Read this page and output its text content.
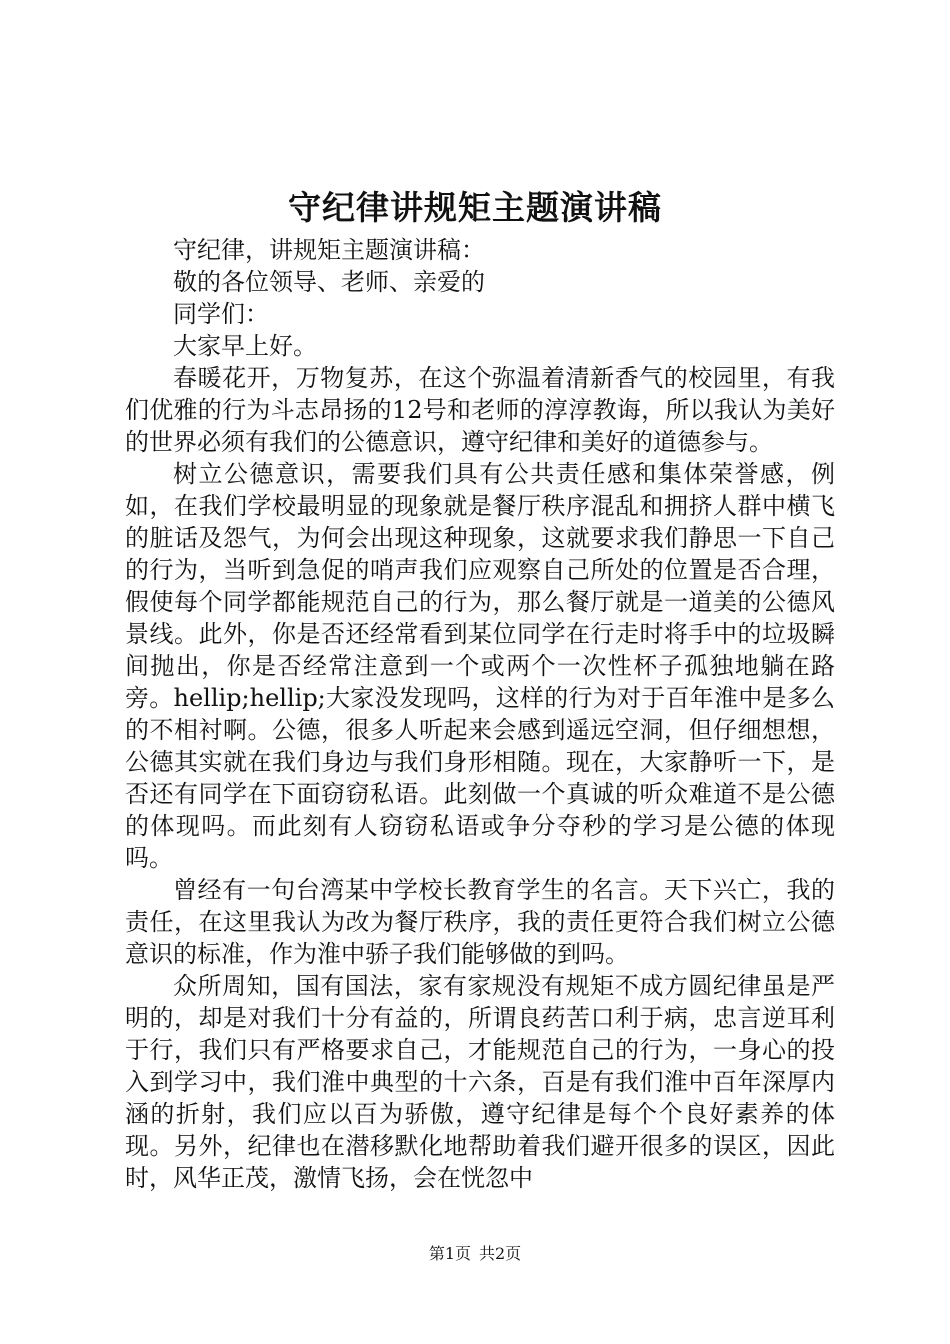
守纪律讲规矩主题演讲稿

守纪律，讲规矩主题演讲稿：

敬的各位领导、老师、亲爱的

同学们：

大家早上好。

春暖花开，万物复苏，在这个弥温着清新香气的校园里，有我们优雅的行为斗志昂扬的12号和老师的淳淳教诲，所以我认为美好的世界必须有我们的公德意识，遵守纪律和美好的道德参与。

树立公德意识，需要我们具有公共责任感和集体荣誉感，例如，在我们学校最明显的现象就是餐厅秩序混乱和拥挤人群中横飞的脏话及怨气，为何会出现这种现象，这就要求我们静思一下自己的行为，当听到急促的哨声我们应观察自己所处的位置是否合理，假使每个同学都能规范自己的行为，那么餐厅就是一道美的公德风景线。此外，你是否还经常看到某位同学在行走时将手中的垃圾瞬间抛出，你是否经常注意到一个或两个一次性杯子孤独地躺在路旁。hellip;hellip;大家没发现吗，这样的行为对于百年淮中是多么的不相衬啊。公德，很多人听起来会感到遥远空洞，但仔细想想，公德其实就在我们身边与我们身形相随。现在，大家静听一下，是否还有同学在下面窃窃私语。此刻做一个真诚的听众难道不是公德的体现吗。而此刻有人窃窃私语或争分夺秒的学习是公德的体现吗。

曾经有一句台湾某中学校长教育学生的名言。天下兴亡，我的责任，在这里我认为改为餐厅秩序，我的责任更符合我们树立公德意识的标准，作为淮中骄子我们能够做的到吗。

众所周知，国有国法，家有家规没有规矩不成方圆纪律虽是严明的，却是对我们十分有益的，所谓良药苦口利于病，忠言逆耳利于行，我们只有严格要求自己，才能规范自己的行为，一身心的投入到学习中，我们淮中典型的十六条，百是有我们淮中百年深厚内涵的折射，我们应以百为骄傲，遵守纪律是每个个良好素养的体现。另外，纪律也在潜移默化地帮助着我们避开很多的误区，因此时，风华正茂，激情飞扬，会在恍忽中

第1页 共2页
